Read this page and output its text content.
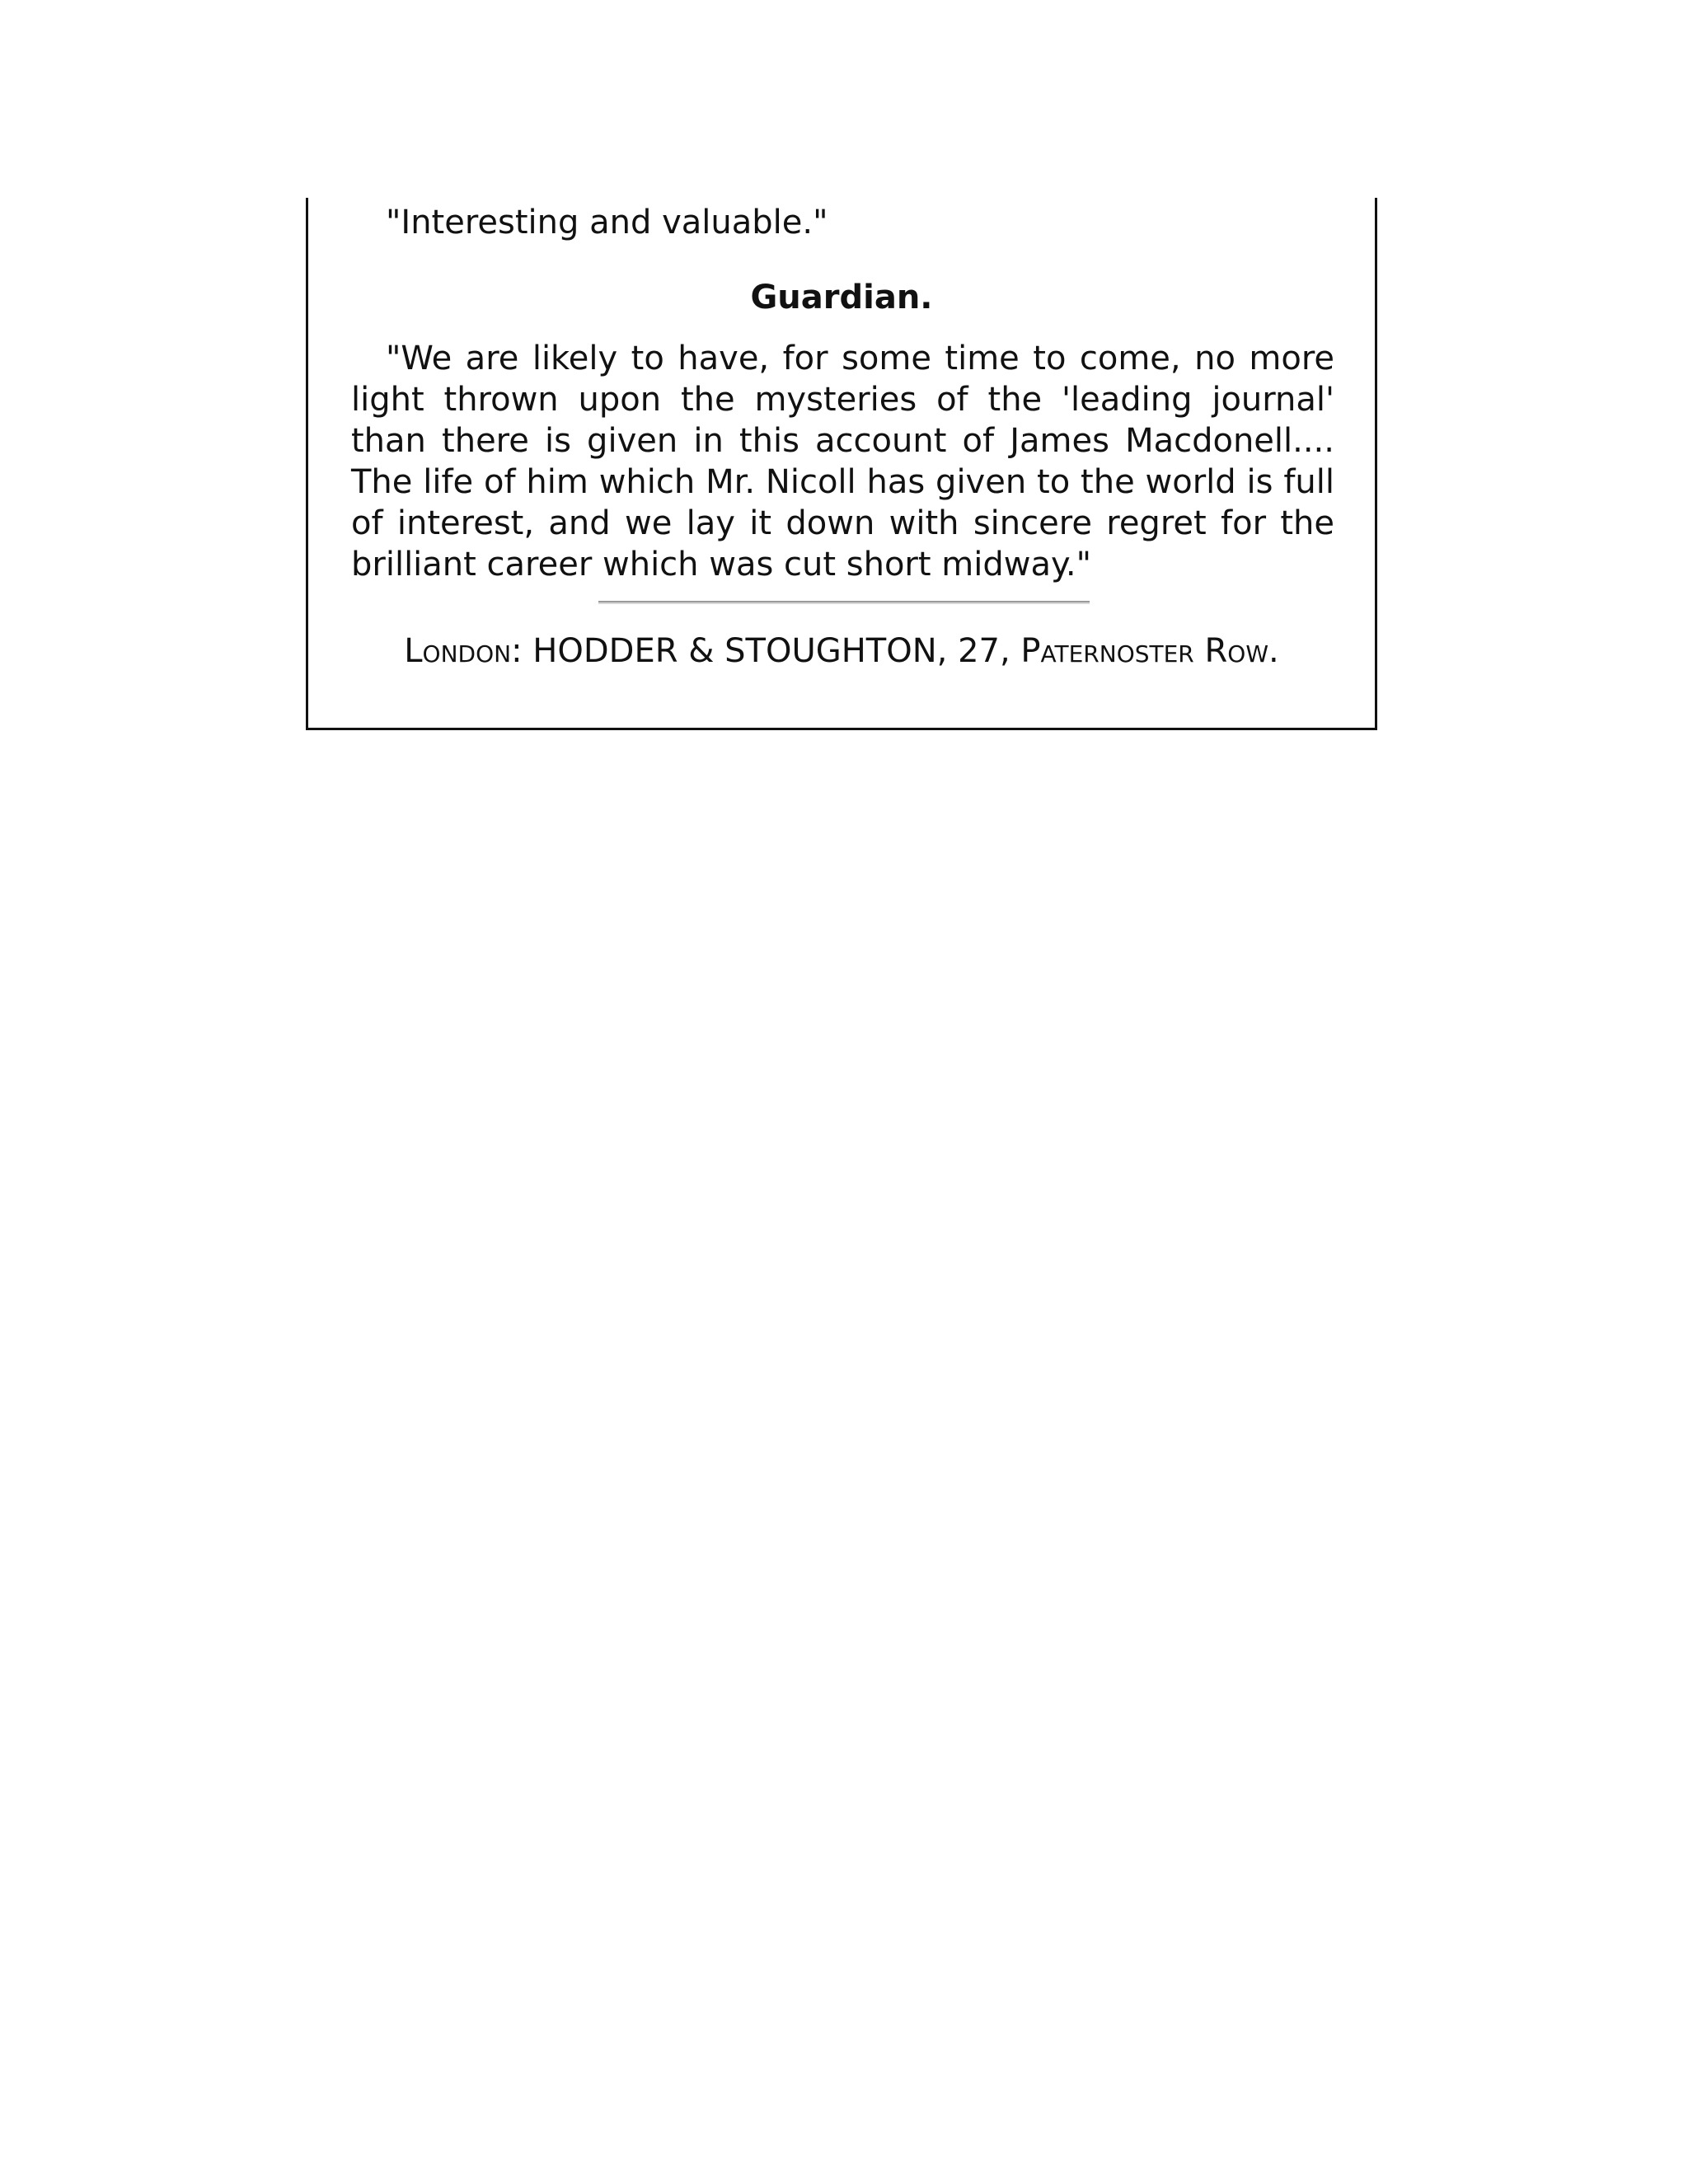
"Interesting and valuable."

Guardian.

"We are likely to have, for some time to come, no more light thrown upon the mysteries of the 'leading journal' than there is given in this account of James Macdonell.... The life of him which Mr. Nicoll has given to the world is full of interest, and we lay it down with sincere regret for the brilliant career which was cut short midway."

London: HODDER & STOUGHTON, 27, Paternoster Row.
